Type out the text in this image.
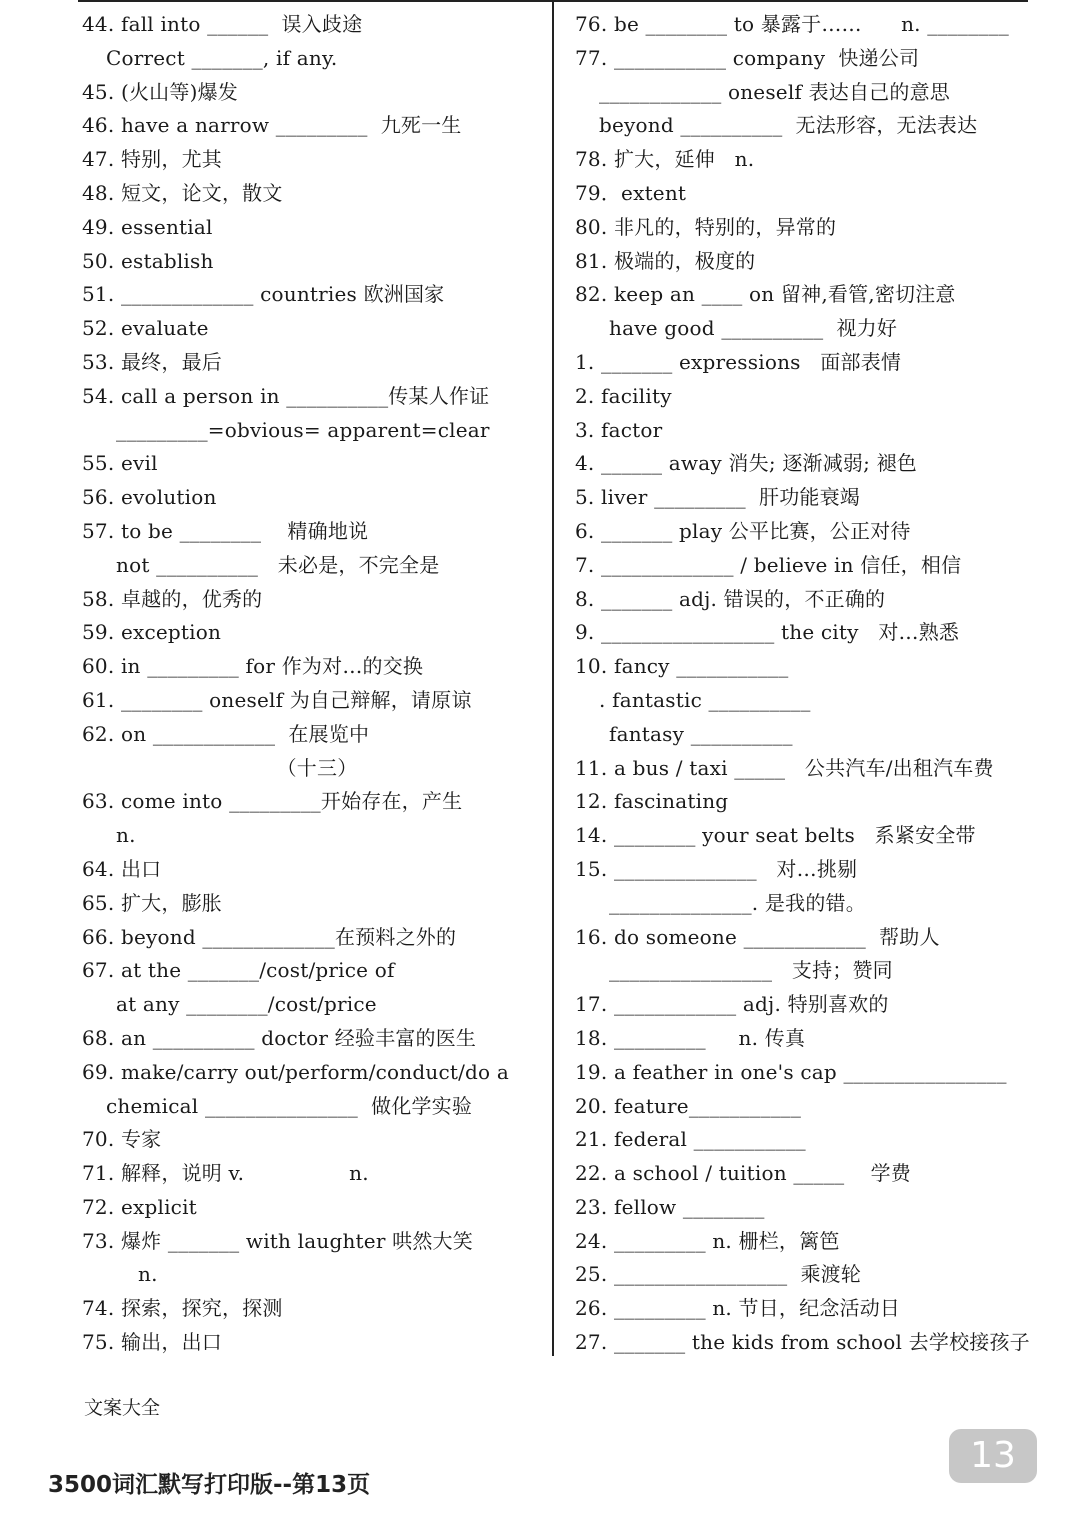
44. fall into ______  误入歧途
Correct _______, if any.
45. (火山等)爆发
46. have a narrow _________  九死一生
47. 特别，尤其
48. 短文，论文，散文
49. essential
50. establish
51. _____________ countries 欧洲国家
52. evaluate
53. 最终，最后
54. call a person in __________传某人作证
_________=obvious= apparent=clear
55. evil
56. evolution
57. to be ________    精确地说
not __________   未必是，不完全是
58. 卓越的，优秀的
59. exception
60. in _________ for 作为对…的交换
61. ________ oneself 为自己辩解，请原谅
62. on ____________  在展览中
（十三）
63. come into _________开始存在，产生
n.
64. 出口
65. 扩大，膨胀
66. beyond _____________在预料之外的
67. at the _______/cost/price of
at any ________/cost/price
68. an __________ doctor 经验丰富的医生
69. make/carry out/perform/conduct/do a
chemical _______________  做化学实验
70. 专家
71. 解释，说明 v.                n.
72. explicit
73. 爆炸 _______ with laughter 哄然大笑
n.
74. 探索，探究，探测
75. 输出，出口
76. be ________ to 暴露于……      n. ________
77. ___________ company  快递公司
____________ oneself 表达自己的意思
beyond __________  无法形容，无法表达
78. 扩大，延伸   n.
79．extent
80. 非凡的，特别的，异常的
81. 极端的，极度的
82. keep an ____ on 留神,看管,密切注意
have good __________  视力好
1. _______ expressions   面部表情
2. facility
3. factor
4. ______ away 消失; 逐渐减弱; 褪色
5. liver _________  肝功能衰竭
6. _______ play 公平比赛，公正对待
7. _____________ / believe in 信任，相信
8. _______ adj. 错误的，不正确的
9. _________________ the city   对…熟悉
10. fancy ___________
. fantastic __________
fantasy __________
11. a bus / taxi _____   公共汽车/出租汽车费
12. fascinating
14. ________ your seat belts   系紧安全带
15. ______________   对…挑剔
______________. 是我的错。
16. do someone ____________  帮助人
________________   支持；赞同
17. ____________ adj. 特别喜欢的
18. _________     n. 传真
19. a feather in one's cap ________________
20. feature___________
21. federal ___________
22. a school / tuition _____    学费
23. fellow ________
24. _________ n. 栅栏，篱笆
25. _________________  乘渡轮
26. _________ n. 节日，纪念活动日
27. _______ the kids from school 去学校接孩子
文案大全
3500词汇默写打印版--第13页
13
